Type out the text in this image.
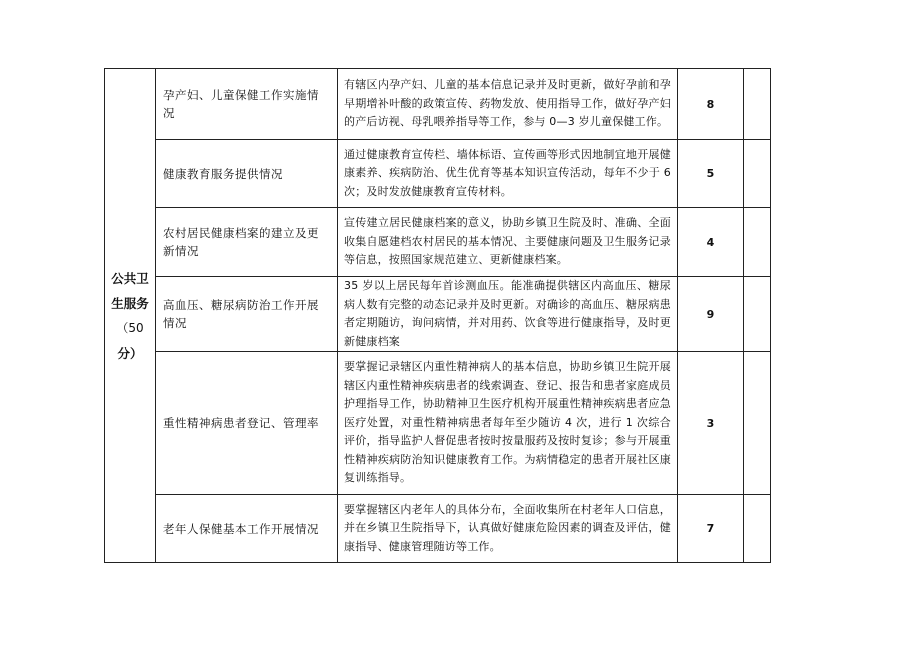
公共卫
生服务
（50
分）	孕产妇、儿童保健工作实施情况	有辖区内孕产妇、儿童的基本信息记录并及时更新，做好孕前和孕早期增补叶酸的政策宣传、药物发放、使用指导工作，做好孕产妇的产后访视、母乳喂养指导等工作，参与 0—3 岁儿童保健工作。	8	
	健康教育服务提供情况	通过健康教育宣传栏、墙体标语、宣传画等形式因地制宜地开展健康素养、疾病防治、优生优育等基本知识宣传活动，每年不少于 6 次；及时发放健康教育宣传材料。	5	
	农村居民健康档案的建立及更新情况	宣传建立居民健康档案的意义，协助乡镇卫生院及时、准确、全面收集自愿建档农村居民的基本情况、主要健康问题及卫生服务记录等信息，按照国家规范建立、更新健康档案。	4	
	高血压、糖尿病防治工作开展情况	35 岁以上居民每年首诊测血压。能准确提供辖区内高血压、糖尿病人数有完整的动态记录并及时更新。对确诊的高血压、糖尿病患者定期随访，询问病情，并对用药、饮食等进行健康指导，及时更新健康档案	9	
	重性精神病患者登记、管理率	要掌握记录辖区内重性精神病人的基本信息，协助乡镇卫生院开展辖区内重性精神疾病患者的线索调查、登记、报告和患者家庭成员护理指导工作，协助精神卫生医疗机构开展重性精神疾病患者应急医疗处置，对重性精神病患者每年至少随访 4 次，进行 1 次综合评价，指导监护人督促患者按时按量服药及按时复诊；参与开展重性精神疾病防治知识健康教育工作。为病情稳定的患者开展社区康复训练指导。	3	
	老年人保健基本工作开展情况	要掌握辖区内老年人的具体分布，全面收集所在村老年人口信息，并在乡镇卫生院指导下，认真做好健康危险因素的调查及评估，健康指导、健康管理随访等工作。	7	
